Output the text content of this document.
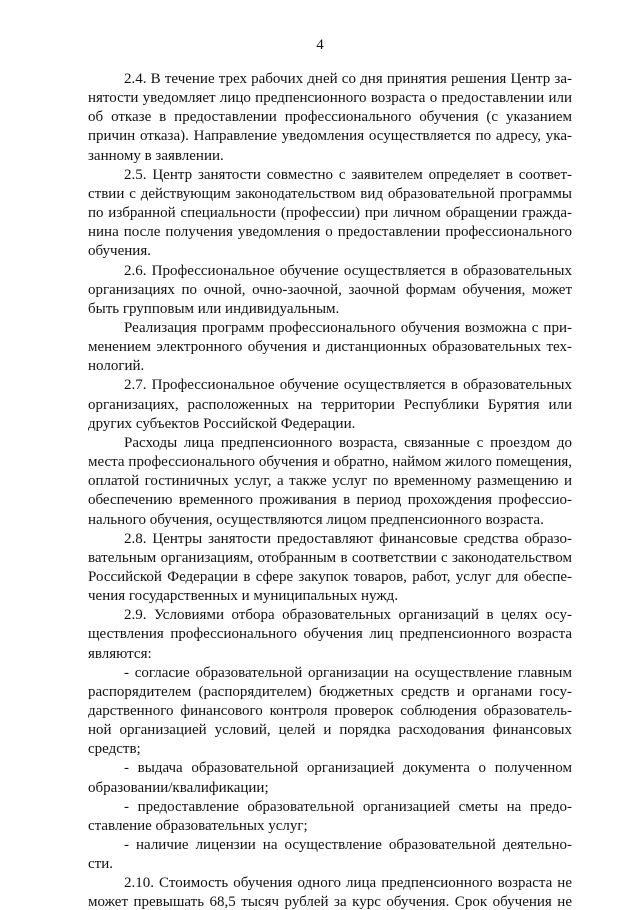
4
2.4. В течение трех рабочих дней со дня принятия решения Центр за-
нятости уведомляет лицо предпенсионного возраста о предоставлении или
об отказе в предоставлении профессионального обучения (с указанием
причин отказа). Направление уведомления осуществляется по адресу, ука-
занному в заявлении.
2.5. Центр занятости совместно с заявителем определяет в соответ-
ствии с действующим законодательством вид образовательной программы
по избранной специальности (профессии) при личном обращении гражда-
нина после получения уведомления о предоставлении профессионального
обучения.
2.6. Профессиональное обучение осуществляется в образовательных
организациях по очной, очно-заочной, заочной формам обучения, может
быть групповым или индивидуальным.
Реализация программ профессионального обучения возможна с при-
менением электронного обучения и дистанционных образовательных тех-
нологий.
2.7. Профессиональное обучение осуществляется в образовательных
организациях, расположенных на территории Республики Бурятия или
других субъектов Российской Федерации.
Расходы лица предпенсионного возраста, связанные с проездом до
места профессионального обучения и обратно, наймом жилого помещения,
оплатой гостиничных услуг, а также услуг по временному размещению и
обеспечению временного проживания в период прохождения профессио-
нального обучения, осуществляются лицом предпенсионного возраста.
2.8. Центры занятости предоставляют финансовые средства образо-
вательным организациям, отобранным в соответствии с законодательством
Российской Федерации в сфере закупок товаров, работ, услуг для обеспе-
чения государственных и муниципальных нужд.
2.9. Условиями отбора образовательных организаций в целях осу-
ществления профессионального обучения лиц предпенсионного возраста
являются:
- согласие образовательной организации на осуществление главным
распорядителем (распорядителем) бюджетных средств и органами госу-
дарственного финансового контроля проверок соблюдения образователь-
ной организацией условий, целей и порядка расходования финансовых
средств;
- выдача образовательной организацией документа о полученном
образовании/квалификации;
- предоставление образовательной организацией сметы на предо-
ставление образовательных услуг;
- наличие лицензии на осуществление образовательной деятельно-
сти.
2.10. Стоимость обучения одного лица предпенсионного возраста не
может превышать 68,5 тысяч рублей за курс обучения. Срок обучения не
